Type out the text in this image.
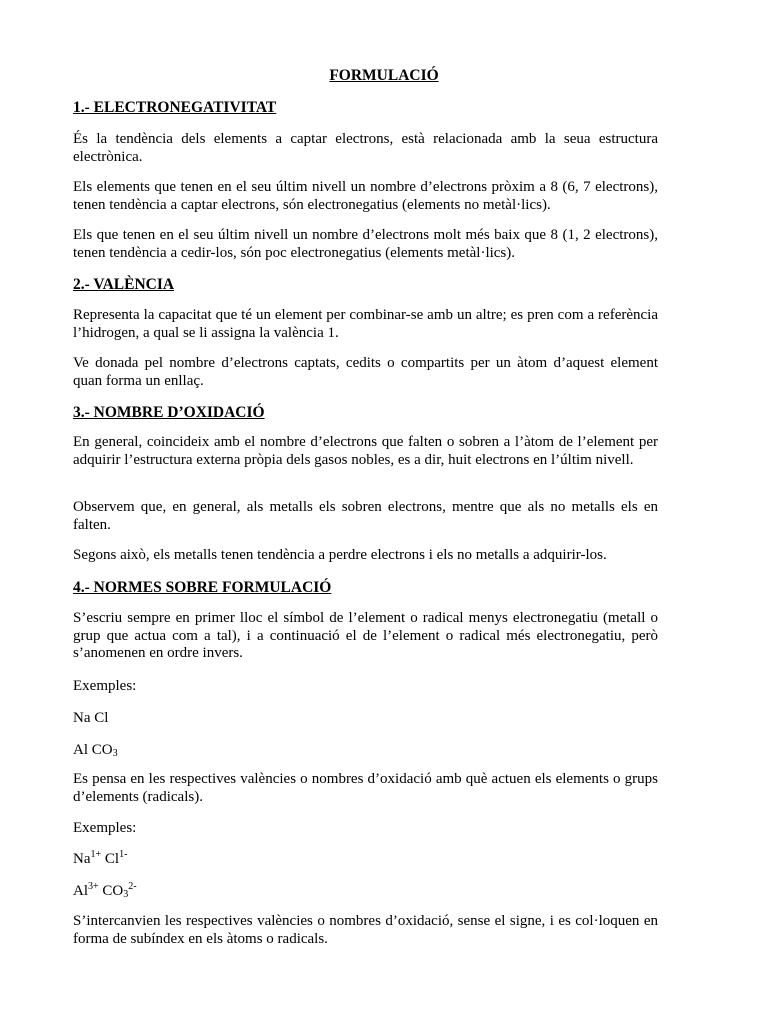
FORMULACIÓ
1.- ELECTRONEGATIVITAT
És la tendència dels elements a captar electrons, està relacionada amb la seua estructura electrònica.
Els elements que tenen en el seu últim nivell un nombre d’electrons pròxim a 8 (6, 7 electrons), tenen tendència a captar electrons, són electronegatius (elements no metàl·lics).
Els que tenen en el seu últim nivell un nombre d’electrons molt més baix que 8 (1, 2 electrons), tenen tendència a cedir-los, són poc electronegatius (elements metàl·lics).
2.- VALÈNCIA
Representa la capacitat que té un element per combinar-se amb un altre; es pren com a referència l’hidrogen, a qual se li assigna la valència 1.
Ve donada pel nombre d’electrons captats, cedits o compartits per un àtom d’aquest element quan forma un enllaç.
3.- NOMBRE D’OXIDACIÓ
En general, coincideix amb el nombre d’electrons que falten o sobren a l’àtom de l’element per adquirir l’estructura externa pròpia dels gasos nobles, es a dir, huit electrons en l’últim nivell.
Observem que, en general, als metalls els sobren electrons, mentre que als no metalls els en falten.
Segons això, els metalls tenen tendència a perdre electrons i els no metalls a adquirir-los.
4.- NORMES SOBRE FORMULACIÓ
S’escriu sempre en primer lloc el símbol de l’element o radical menys electronegatiu (metall o grup que actua com a tal), i a continuació el de l’element o radical més electronegatiu, però s’anomenen en ordre invers.
Exemples:
Na Cl
Al $CO_3$
Es pensa en les respectives valències o nombres d’oxidació amb què actuen els elements o grups d’elements (radicals).
Exemples:
$Na^{1+}$ $Cl^{1-}$
$Al^{3+}$ $CO_3^{2-}$
S’intercanvien les respectives valències o nombres d’oxidació, sense el signe, i es col·loquen en forma de subíndex en els àtoms o radicals.
